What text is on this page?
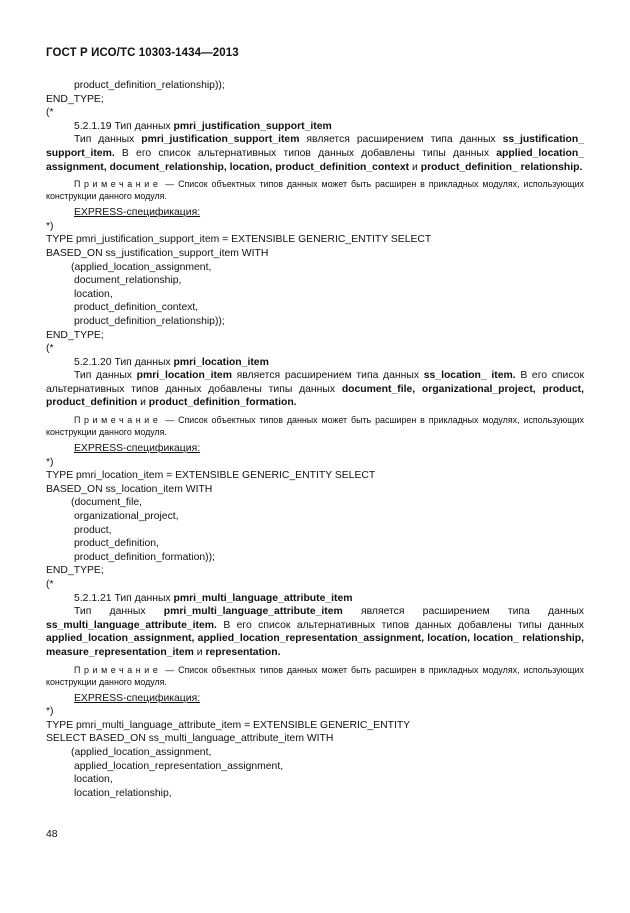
ГОСТ Р ИСО/ТС 10303-1434—2013
product_definition_relationship));
END_TYPE;
(*
5.2.1.19 Тип данных pmri_justification_support_item
Тип данных pmri_justification_support_item является расширением типа данных ss_justification_ support_item. В его список альтернативных типов данных добавлены типы данных applied_location_ assignment, document_relationship, location, product_definition_context и product_definition_ relationship.
Примечание — Список объектных типов данных может быть расширен в прикладных модулях, использующих конструкции данного модуля.
EXPRESS-спецификация:
*)
TYPE pmri_justification_support_item = EXTENSIBLE GENERIC_ENTITY SELECT
BASED_ON ss_justification_support_item WITH
(applied_location_assignment,
document_relationship,
location,
product_definition_context,
product_definition_relationship));
END_TYPE;
(*
5.2.1.20 Тип данных pmri_location_item
Тип данных pmri_location_item является расширением типа данных ss_location_ item. В его список альтернативных типов данных добавлены типы данных document_file, organizational_project, product, product_definition и product_definition_formation.
Примечание — Список объектных типов данных может быть расширен в прикладных модулях, использующих конструкции данного модуля.
EXPRESS-спецификация:
*)
TYPE pmri_location_item = EXTENSIBLE GENERIC_ENTITY SELECT
BASED_ON ss_location_item WITH
(document_file,
organizational_project,
product,
product_definition,
product_definition_formation));
END_TYPE;
(*
5.2.1.21 Тип данных pmri_multi_language_attribute_item
Тип данных pmri_multi_language_attribute_item является расширением типа данных ss_multi_language_attribute_item. В его список альтернативных типов данных добавлены типы данных applied_location_assignment, applied_location_representation_assignment, location, location_ relationship, measure_representation_item и representation.
Примечание — Список объектных типов данных может быть расширен в прикладных модулях, использующих конструкции данного модуля.
EXPRESS-спецификация:
*)
TYPE pmri_multi_language_attribute_item = EXTENSIBLE GENERIC_ENTITY
SELECT BASED_ON ss_multi_language_attribute_item WITH
(applied_location_assignment,
applied_location_representation_assignment,
location,
location_relationship,
48
